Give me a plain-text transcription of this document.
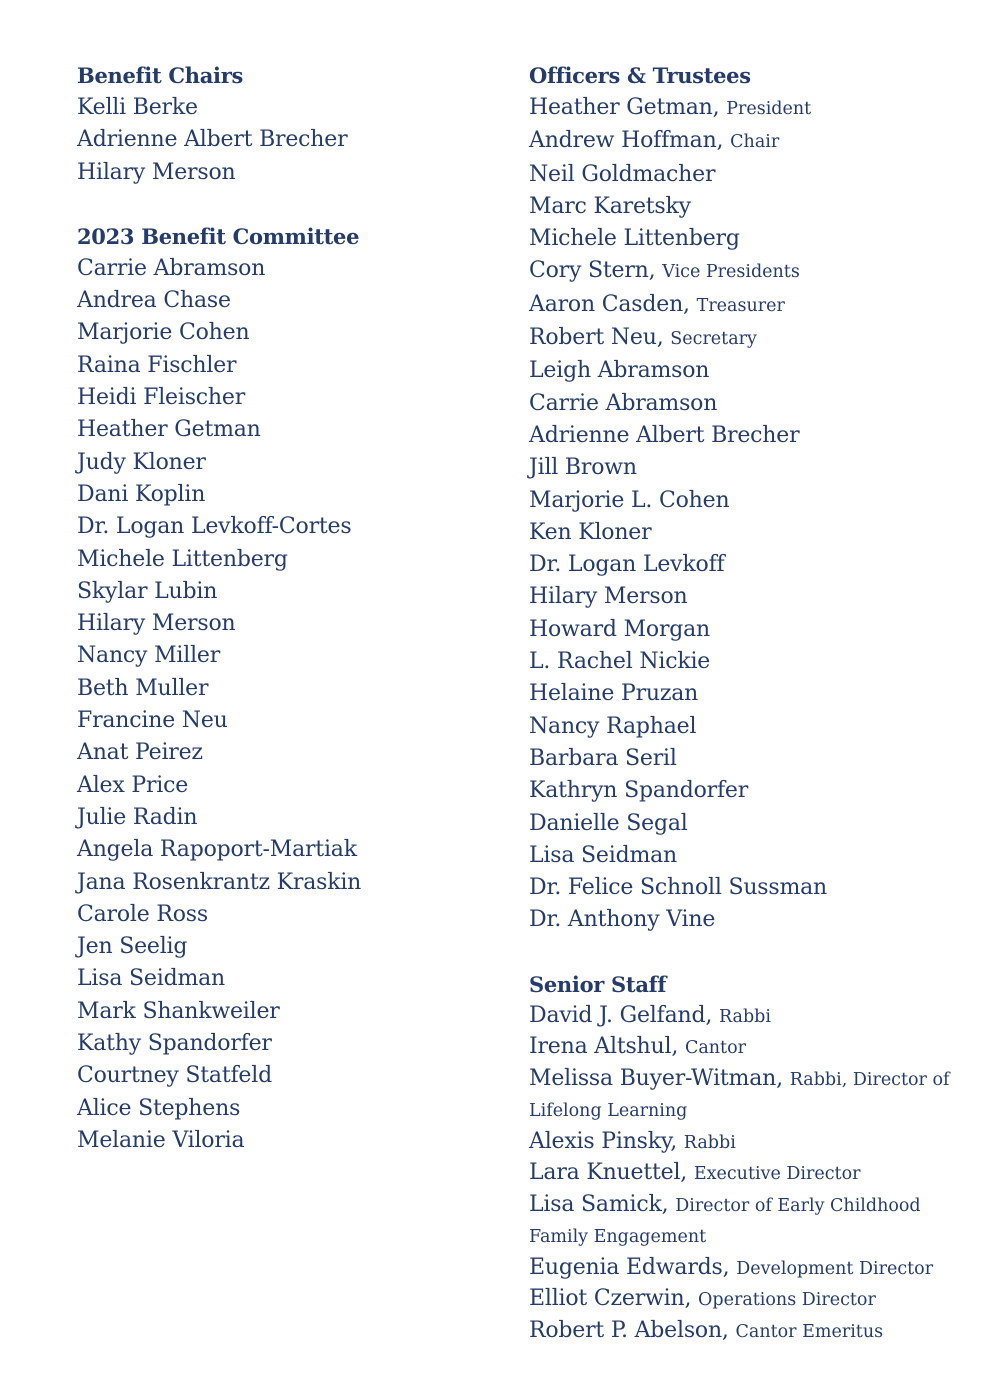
Benefit Chairs
Kelli Berke
Adrienne Albert Brecher
Hilary Merson
2023 Benefit Committee
Carrie Abramson
Andrea Chase
Marjorie Cohen
Raina Fischler
Heidi Fleischer
Heather Getman
Judy Kloner
Dani Koplin
Dr. Logan Levkoff-Cortes
Michele Littenberg
Skylar Lubin
Hilary Merson
Nancy Miller
Beth Muller
Francine Neu
Anat Peirez
Alex Price
Julie Radin
Angela Rapoport-Martiak
Jana Rosenkrantz Kraskin
Carole Ross
Jen Seelig
Lisa Seidman
Mark Shankweiler
Kathy Spandorfer
Courtney Statfeld
Alice Stephens
Melanie Viloria
Officers & Trustees
Heather Getman, President
Andrew Hoffman, Chair
Neil Goldmacher
Marc Karetsky
Michele Littenberg
Cory Stern, Vice Presidents
Aaron Casden, Treasurer
Robert Neu, Secretary
Leigh Abramson
Carrie Abramson
Adrienne Albert Brecher
Jill Brown
Marjorie L. Cohen
Ken Kloner
Dr. Logan Levkoff
Hilary Merson
Howard Morgan
L. Rachel Nickie
Helaine Pruzan
Nancy Raphael
Barbara Seril
Kathryn Spandorfer
Danielle Segal
Lisa Seidman
Dr. Felice Schnoll Sussman
Dr. Anthony Vine
Senior Staff
David J. Gelfand, Rabbi
Irena Altshul, Cantor
Melissa Buyer-Witman, Rabbi, Director of Lifelong Learning
Alexis Pinsky, Rabbi
Lara Knuettel, Executive Director
Lisa Samick, Director of Early Childhood Family Engagement
Eugenia Edwards, Development Director
Elliot Czerwin, Operations Director
Robert P. Abelson, Cantor Emeritus
